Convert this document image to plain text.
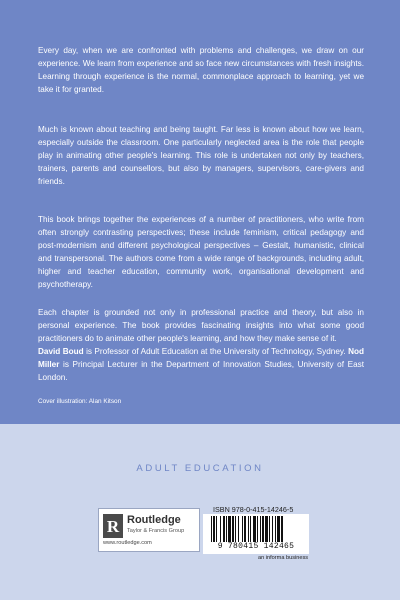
Every day, when we are confronted with problems and challenges, we draw on our experience. We learn from experience and so face new circumstances with fresh insights. Learning through experience is the normal, commonplace approach to learning, yet we take it for granted.

Much is known about teaching and being taught. Far less is known about how we learn, especially outside the classroom. One particularly neglected area is the role that people play in animating other people's learning. This role is undertaken not only by teachers, trainers, parents and counsellors, but also by managers, supervisors, care-givers and friends.

This book brings together the experiences of a number of practitioners, who write from often strongly contrasting perspectives; these include feminism, critical pedagogy and post-modernism and different psychological perspectives – Gestalt, humanistic, clinical and transpersonal. The authors come from a wide range of backgrounds, including adult, higher and teacher education, community work, organisational development and psychotherapy.

Each chapter is grounded not only in professional practice and theory, but also in personal experience. The book provides fascinating insights into what some good practitioners do to animate other people's learning, and how they make sense of it.

David Boud is Professor of Adult Education at the University of Technology, Sydney. Nod Miller is Principal Lecturer in the Department of Innovation Studies, University of East London.

Cover illustration: Alan Kitson
ADULT EDUCATION
R Routledge
Taylor & Francis Group
www.routledge.com
ISBN 978-0-415-14246-5
9 780415 142465
an informa business
